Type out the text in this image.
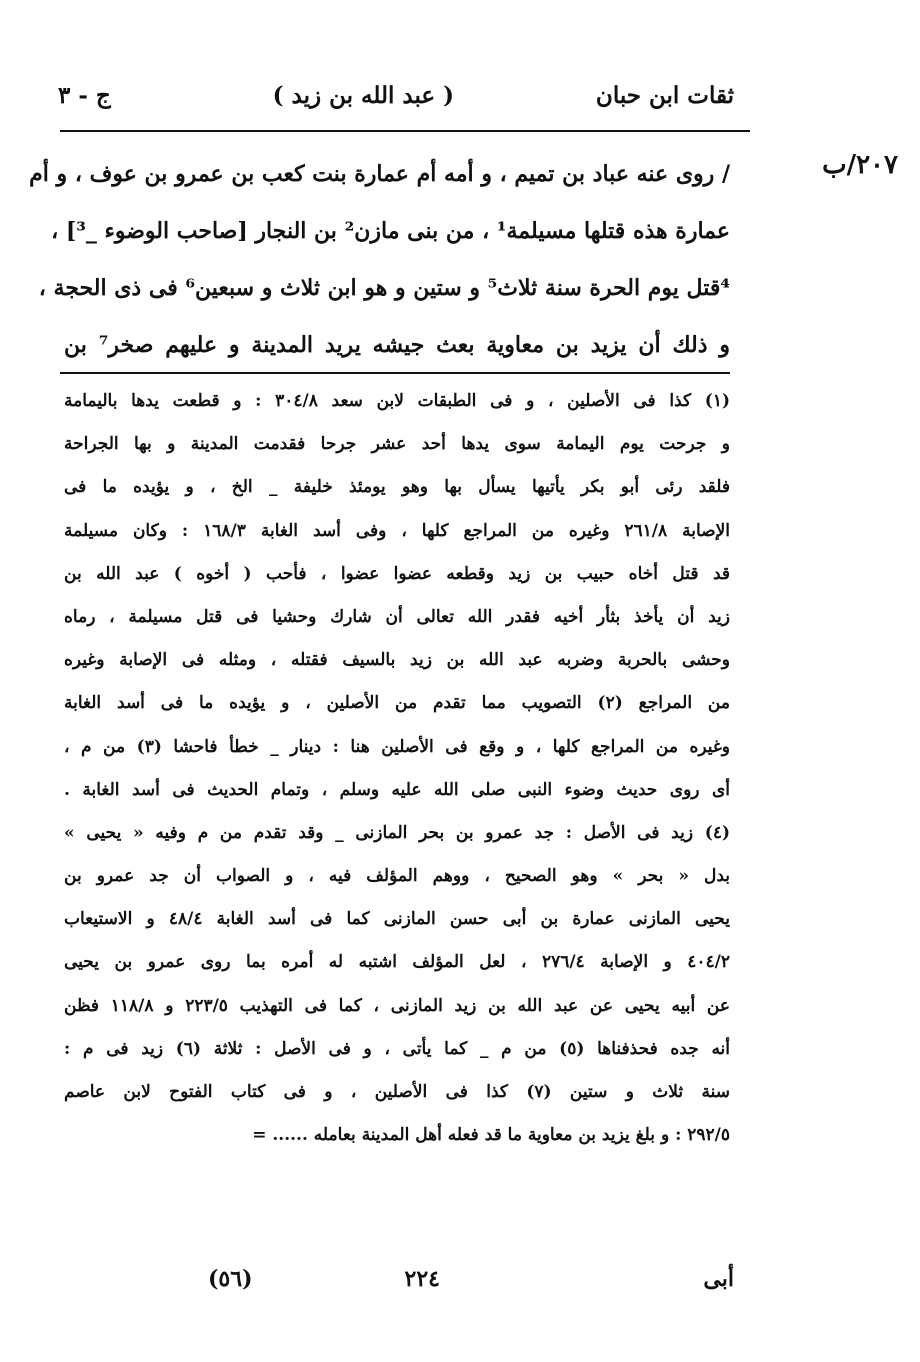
ثقات ابن حبان
( عبد الله بن زيد )
ج - ٣
٢٠٧/ب
/ روى عنه عباد بن تميم ، و أمه أم عمارة بنت كعب بن عمرو بن عوف ، و أم
عمارة هذه قتلها مسيلمة¹ ، من بنى مازن² بن النجار [صاحب الوضوء _³] ،
⁴قتل يوم الحرة سنة ثلاث⁵ و ستين و هو ابن ثلاث و سبعين⁶ فى ذى الحجة ،
و ذلك أن يزيد بن معاوية بعث جيشه يريد المدينة و عليهم صخر⁷ بن
(١) كذا فى الأصلين ، و فى الطبقات لابن سعد ٣٠٤/٨ : و قطعت يدها باليمامة
و جرحت يوم اليمامة سوى يدها أحد عشر جرحا فقدمت المدينة و بها الجراحة
فلقد رئى أبو بكر يأتيها يسأل بها وهو يومئذ خليفة _ الخ ، و يؤيده ما فى
الإصابة ٢٦١/٨ وغيره من المراجع كلها ، وفى أسد الغابة ١٦٨/٣ : وكان مسيلمة
قد قتل أخاه حبيب بن زيد وقطعه عضوا عضوا ، فأحب ( أخوه ) عبد الله بن
زيد أن يأخذ بثأر أخيه فقدر الله تعالى أن شارك وحشيا فى قتل مسيلمة ، رماه
وحشى بالحربة وضربه عبد الله بن زيد بالسيف فقتله ، ومثله فى الإصابة وغيره
من المراجع (٢) التصويب مما تقدم من الأصلين ، و يؤيده ما فى أسد الغابة
وغيره من المراجع كلها ، و وقع فى الأصلين هنا : دينار _ خطأ فاحشا (٣) من م ،
أى روى حديث وضوء النبى صلى الله عليه وسلم ، وتمام الحديث فى أسد الغابة .
(٤) زيد فى الأصل : جد عمرو بن بحر المازنى _ وقد تقدم من م وفيه « يحيى »
بدل « بحر » وهو الصحيح ، ووهم المؤلف فيه ، و الصواب أن جد عمرو بن
يحيى المازنى عمارة بن أبى حسن المازنى كما فى أسد الغابة ٤٨/٤ و الاستيعاب
٤٠٤/٢ و الإصابة ٢٧٦/٤ ، لعل المؤلف اشتبه له أمره بما روى عمرو بن يحيى
عن أبيه يحيى عن عبد الله بن زيد المازنى ، كما فى التهذيب ٢٢٣/٥ و ١١٨/٨ فظن
أنه جده فحذفناها (٥) من م _ كما يأتى ، و فى الأصل : ثلاثة (٦) زيد فى م :
سنة ثلاث و ستين (٧) كذا فى الأصلين ، و فى كتاب الفتوح لابن عاصم
٢٩٢/٥ : و بلغ يزيد بن معاوية ما قد فعله أهل المدينة بعامله ...... =
أبى
٢٢٤
(٥٦)
